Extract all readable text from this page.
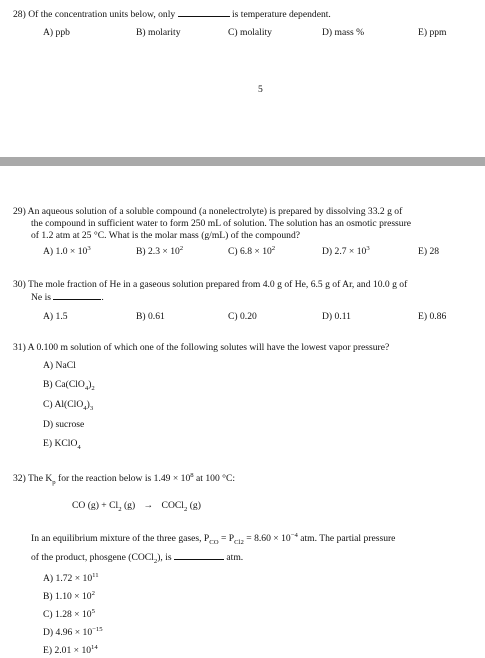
28) Of the concentration units below, only	is temperature dependent.
A) ppb	B) molarity	C) molality	D) mass %	E) ppm
5
29) An aqueous solution of a soluble compound (a nonelectrolyte) is prepared by dissolving 33.2 g of
the compound in sufficient water to form 250 mL of solution. The solution has an osmotic pressure
of 1.2 atm at 25 °C. What is the molar mass (g/mL) of the compound?
A) $1.0 \times 10^3$	B) $2.3 \times 10^2$	C) $6.8 \times 10^2$	D) $2.7 \times 10^3$	E) 28
30) The mole fraction of He in a gaseous solution prepared from 4.0 g of He, 6.5 g of Ar, and 10.0 g of
Ne is	.
A) 1.5	B) 0.61	C) 0.20	D) 0.11	E) 0.86
31) A 0.100 m solution of which one of the following solutes will have the lowest vapor pressure?
A) NaCl
B) $Ca(ClO_4)_2$
C) $Al(ClO_4)_3$
D) sucrose
E) KClO$_4$
32) The $K_p$ for the reaction below is $1.49 \times 10^8$ at 100 °C:
CO $(g) + Cl_2$ (g) → COCl$_2$ (g)
In an equilibrium mixture of the three gases, $P_{CO} = P_{Cl2} = 8.60 \times 10^{-4}$ atm. The partial pressure
of the product, phosgene (COCl$_2$), is	atm.
A) $1.72 \times 10^{11}$
B) $1.10 \times 10^2$
C) $1.28 \times 10^5$
D) $4.96 \times 10^{-15}$
E) $2.01 \times 10^{14}$
